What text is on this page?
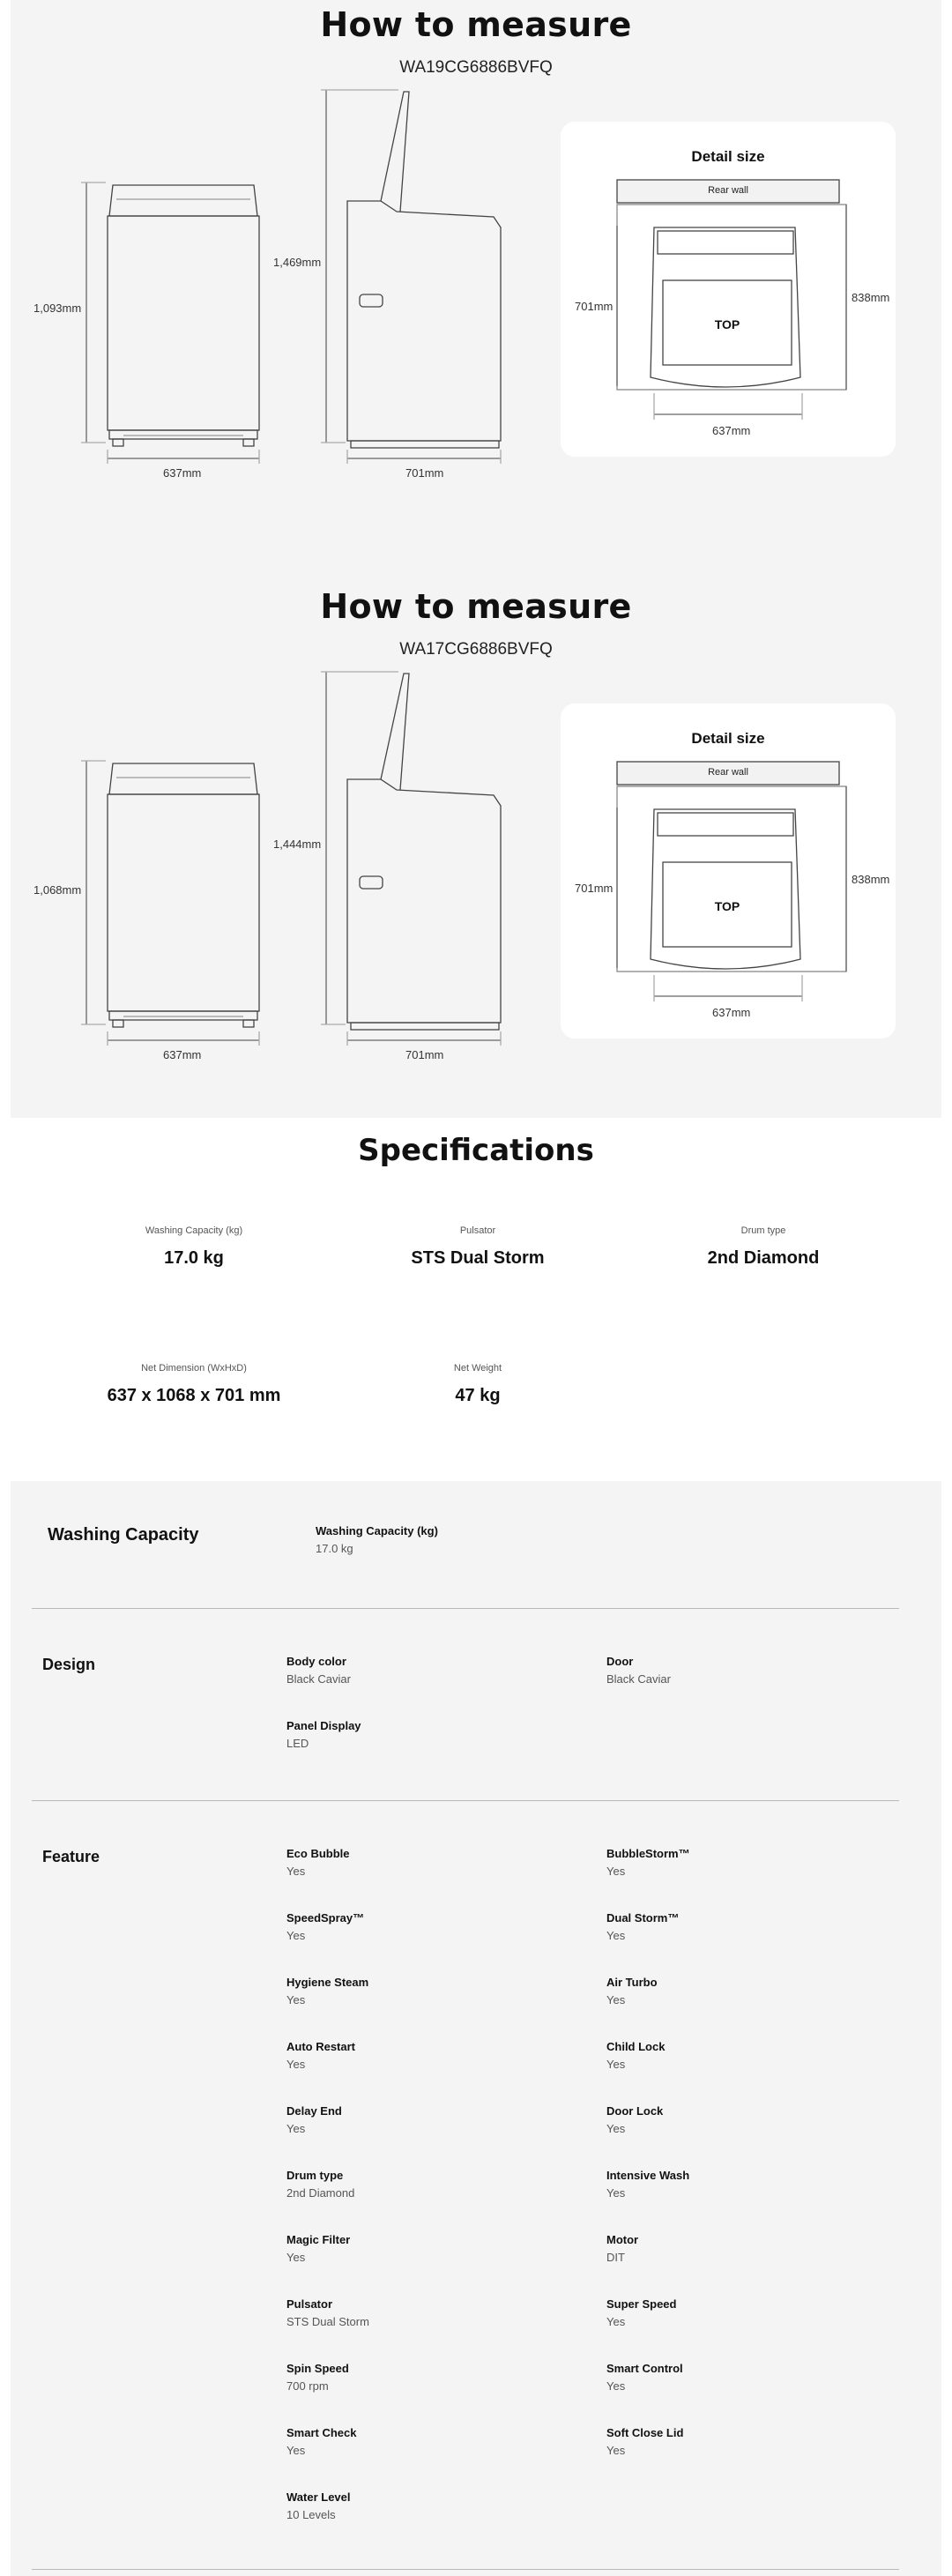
How to measure
WA19CG6886BVFQ
1,093mm
637mm
1,469mm
701mm
Detail size
Rear wall
TOP
701mm
838mm
637mm
How to measure
WA17CG6886BVFQ
1,068mm
637mm
1,444mm
701mm
Detail size
Rear wall
TOP
701mm
838mm
637mm
Specifications
Washing Capacity (kg)
17.0 kg
Pulsator
STS Dual Storm
Drum type
2nd Diamond
Net Dimension (WxHxD)
637 x 1068 x 701 mm
Net Weight
47 kg
Washing Capacity	Washing Capacity (kg)
17.0 kg
Design	Body color
Black Caviar
Door
Black Caviar
Panel Display
LED
Feature	Eco Bubble
Yes
BubbleStorm™
Yes
SpeedSpray™
Yes
Dual Storm™
Yes
Hygiene Steam
Yes
Air Turbo
Yes
Auto Restart
Yes
Child Lock
Yes
Delay End
Yes
Door Lock
Yes
Drum type
2nd Diamond
Intensive Wash
Yes
Magic Filter
Yes
Motor
DIT
Pulsator
STS Dual Storm
Super Speed
Yes
Spin Speed
700 rpm
Smart Control
Yes
Smart Check
Yes
Soft Close Lid
Yes
Water Level
10 Levels
